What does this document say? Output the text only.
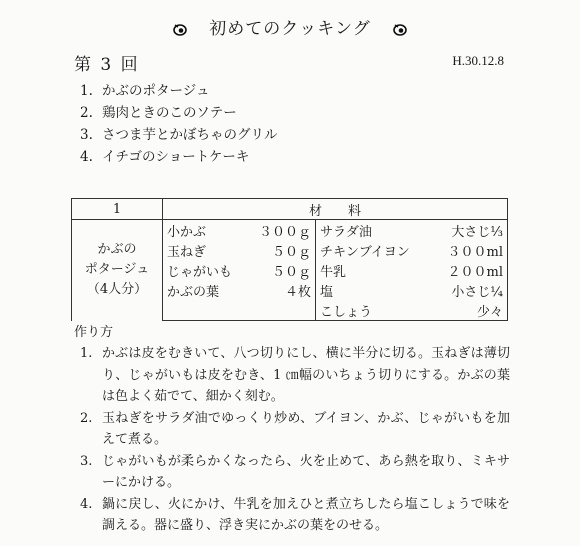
初めてのクッキング
第 3 回	H.30.12.8
1. かぶのポタージュ
2. 鶏肉ときのこのソテー
3. さつま芋とかぼちゃのグリル
4. イチゴのショートケーキ
1	材　　料			

かぶの
ポタージュ
（4人分）	小かぶ	３００ｇ	サラダ油	大さじ⅓
	玉ねぎ	５０ｇ	チキンブイヨン	３００ml
	じゃがいも	５０ｇ	牛乳	２００ml
	かぶの葉	４枚	塩	小さじ¼
			こしょう	少々
作り方
1. かぶは皮をむきいて、八つ切りにし、横に半分に切る。玉ねぎは薄切り、じゃがいもは皮をむき、1 ㎝幅のいちょう切りにする。かぶの葉は色よく茹でて、細かく刻む。
2. 玉ねぎをサラダ油でゆっくり炒め、ブイヨン、かぶ、じゃがいもを加えて煮る。
3. じゃがいもが柔らかくなったら、火を止めて、あら熱を取り、ミキサーにかける。
4. 鍋に戻し、火にかけ、牛乳を加えひと煮立ちしたら塩こしょうで味を調える。器に盛り、浮き実にかぶの葉をのせる。
